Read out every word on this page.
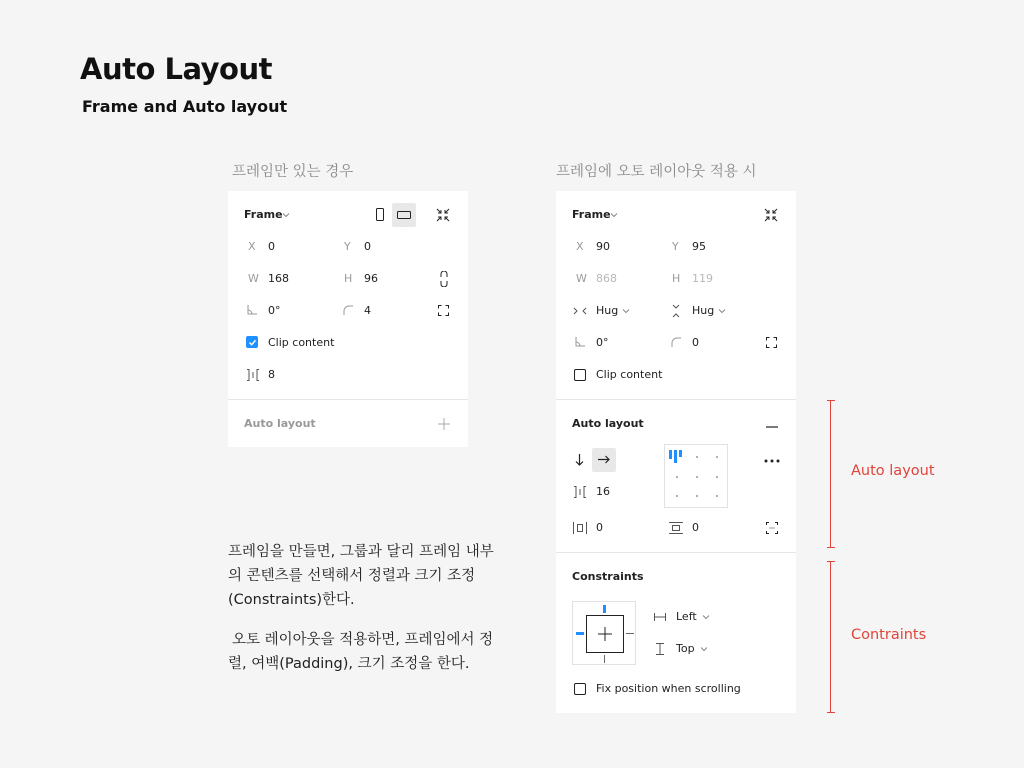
Auto Layout
Frame and Auto layout
프레임만 있는 경우	프레임에 오토 레이아웃 적용 시
Frame
X 0	Y 0
W 168	H 96
0°	4
Clip content
8
Auto layout
Frame
X 90	Y 95
W 868	H 119
Hug	Hug
0°	0
Clip content
Auto layout
16
0	0
Constraints
Left
Top
Fix position when scrolling
프레임을 만들면, 그룹과 달리 프레임 내부의 콘텐츠를 선택해서 정렬과 크기 조정(Constraints)한다.
오토 레이아웃을 적용하면, 프레임에서 정렬, 여백(Padding), 크기 조정을 한다.
Auto layout
Contraints
